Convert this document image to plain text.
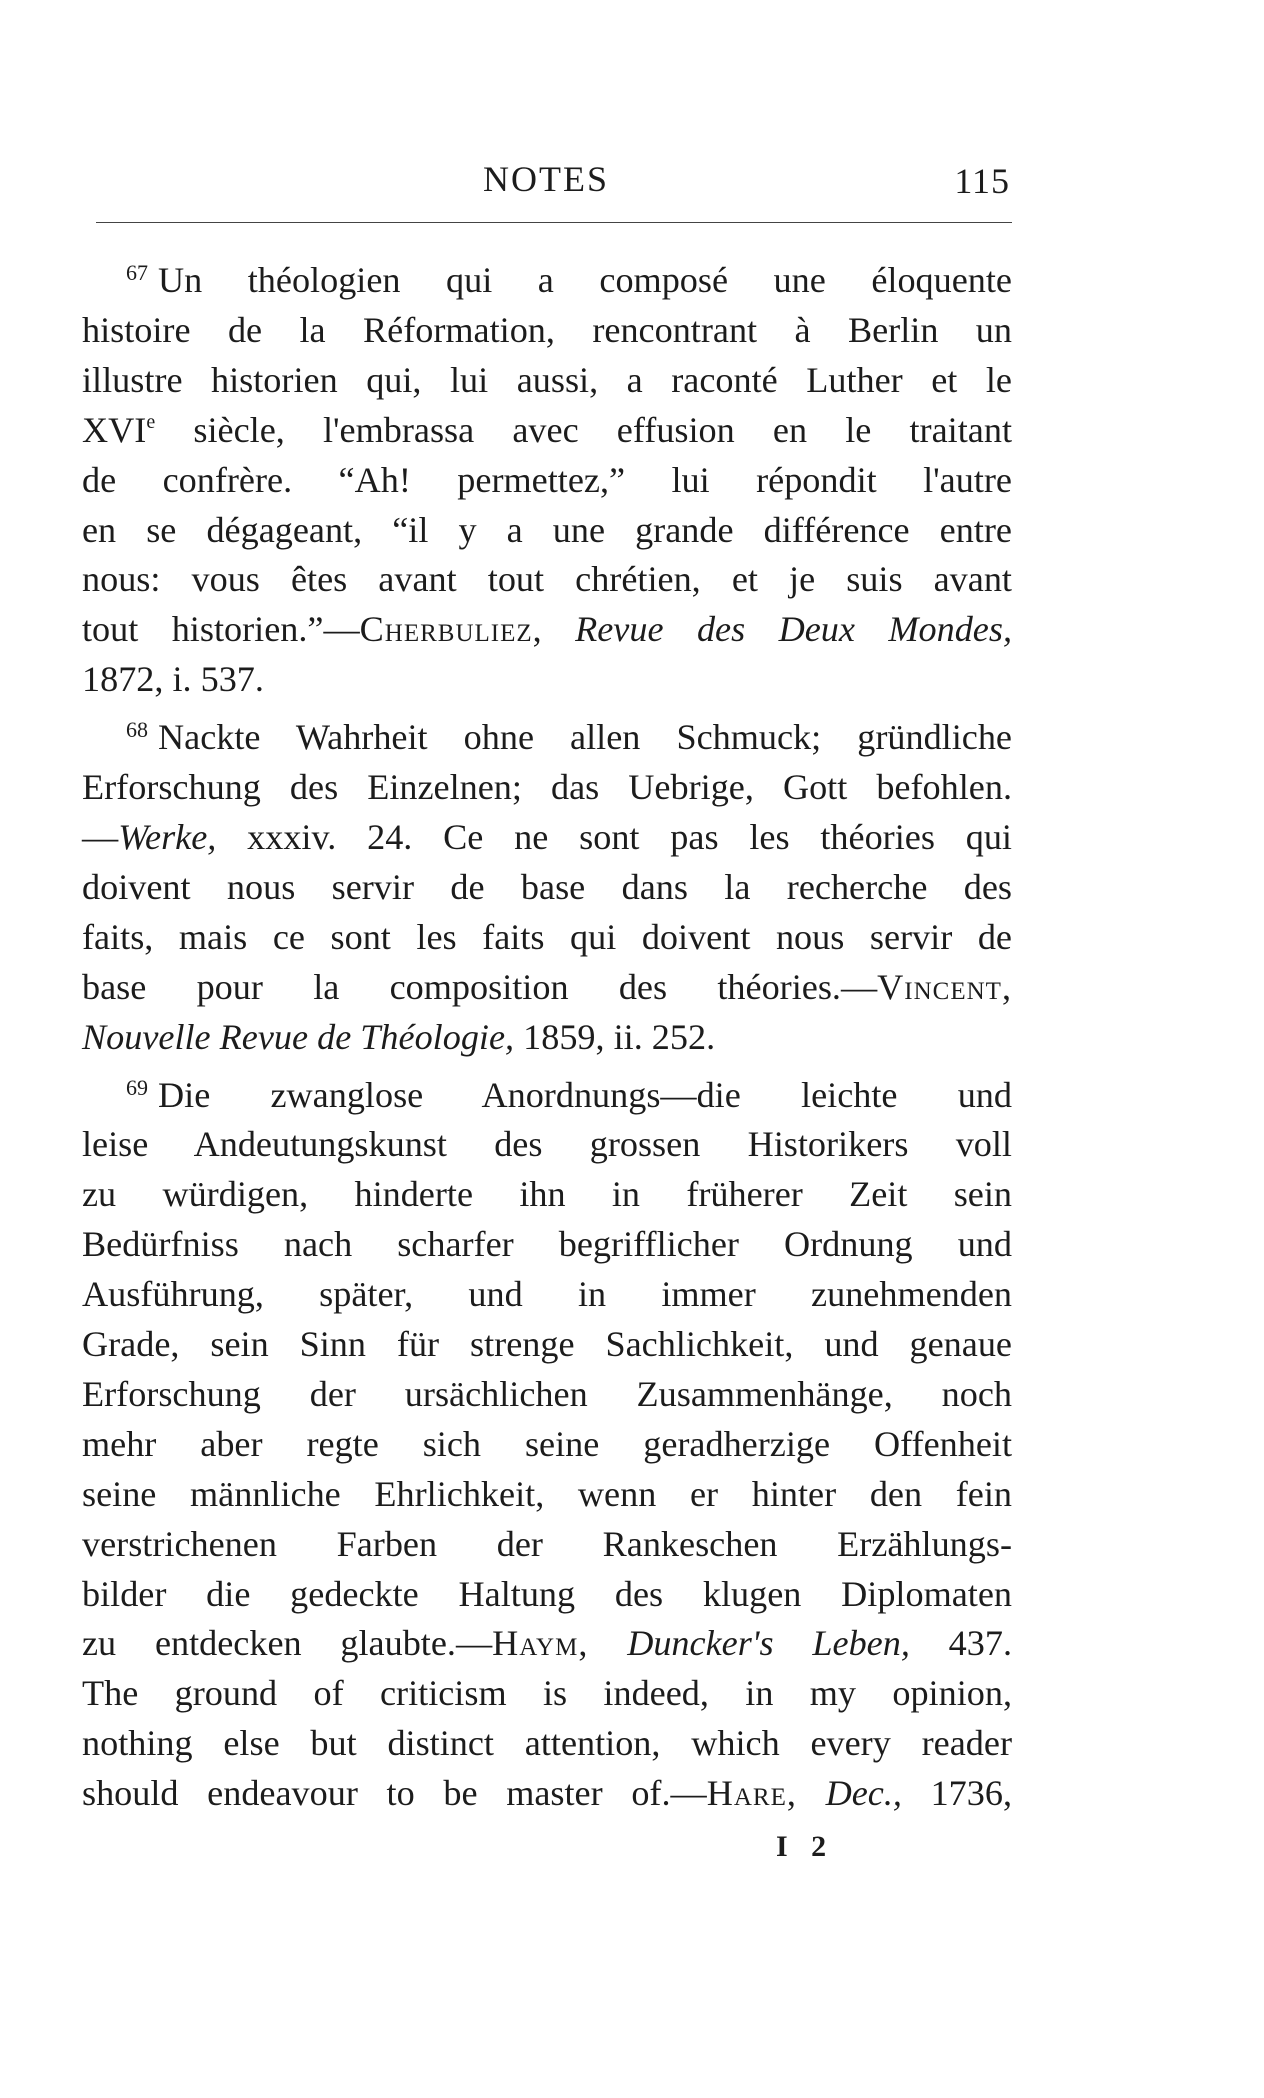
NOTES	115
$^{67}$ Un théologien qui a composé une éloquente
histoire de la Réformation, rencontrant à Berlin un
illustre historien qui, lui aussi, a raconté Luther et le
XVIe siècle, l'embrassa avec effusion en le traitant
de confrère. “Ah! permettez,” lui répondit l'autre
en se dégageant, “il y a une grande différence entre
nous: vous êtes avant tout chrétien, et je suis avant
tout historien.”—Cherbuliez, Revue des Deux Mondes,
1872, i. 537.
$^{68}$ Nackte Wahrheit ohne allen Schmuck; gründliche
Erforschung des Einzelnen; das Uebrige, Gott befohlen.
—Werke, xxxiv. 24. Ce ne sont pas les théories qui
doivent nous servir de base dans la recherche des
faits, mais ce sont les faits qui doivent nous servir de
base pour la composition des théories.—Vincent,
Nouvelle Revue de Théologie, 1859, ii. 252.
$^{69}$ Die zwanglose Anordnungs—die leichte und
leise Andeutungskunst des grossen Historikers voll
zu würdigen, hinderte ihn in früherer Zeit sein
Bedürfniss nach scharfer begrifflicher Ordnung und
Ausführung, später, und in immer zunehmenden
Grade, sein Sinn für strenge Sachlichkeit, und genaue
Erforschung der ursächlichen Zusammenhänge, noch
mehr aber regte sich seine geradherzige Offenheit
seine männliche Ehrlichkeit, wenn er hinter den fein
verstrichenen Farben der Rankeschen Erzählungs-
bilder die gedeckte Haltung des klugen Diplomaten
zu entdecken glaubte.—Haym, Duncker's Leben, 437.
The ground of criticism is indeed, in my opinion,
nothing else but distinct attention, which every reader
should endeavour to be master of.—Hare, Dec., 1736,
I 2
